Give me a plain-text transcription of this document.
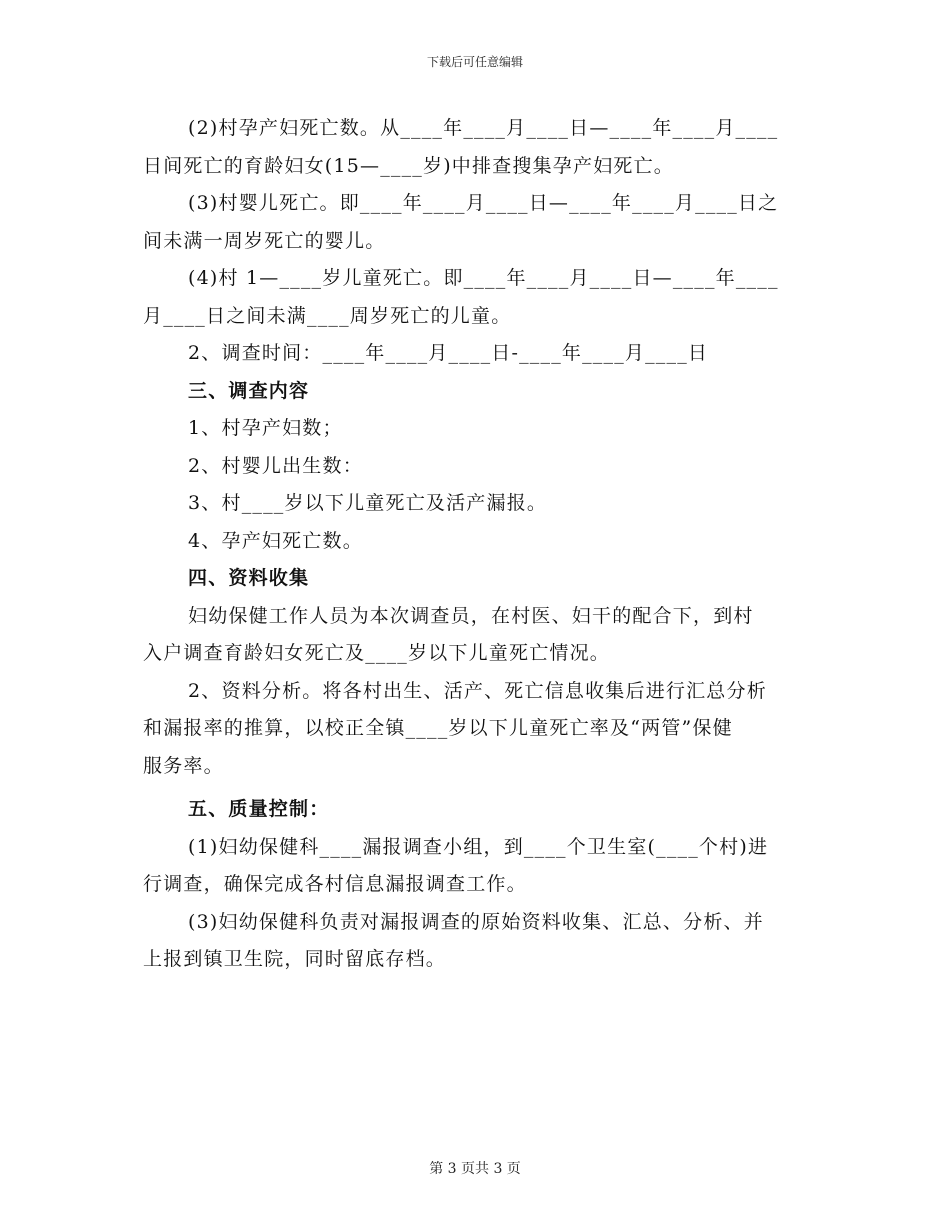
下载后可任意编辑
(2)村孕产妇死亡数。从____年____月____日—____年____月____
日间死亡的育龄妇女(15—____岁)中排查搜集孕产妇死亡。
(3)村婴儿死亡。即____年____月____日—____年____月____日之
间未满一周岁死亡的婴儿。
(4)村 1—____岁儿童死亡。即____年____月____日—____年____
月____日之间未满____周岁死亡的儿童。
2、调查时间：____年____月____日-____年____月____日
三、调查内容
1、村孕产妇数；
2、村婴儿出生数：
3、村____岁以下儿童死亡及活产漏报。
4、孕产妇死亡数。
四、资料收集
妇幼保健工作人员为本次调查员，在村医、妇干的配合下，到村
入户调查育龄妇女死亡及____岁以下儿童死亡情况。
2、资料分析。将各村出生、活产、死亡信息收集后进行汇总分析
和漏报率的推算，以校正全镇____岁以下儿童死亡率及“两管”保健
服务率。
五、质量控制：
(1)妇幼保健科____漏报调查小组，到____个卫生室(____个村)进
行调查，确保完成各村信息漏报调查工作。
(3)妇幼保健科负责对漏报调查的原始资料收集、汇总、分析、并
上报到镇卫生院，同时留底存档。
第 3 页共 3 页
